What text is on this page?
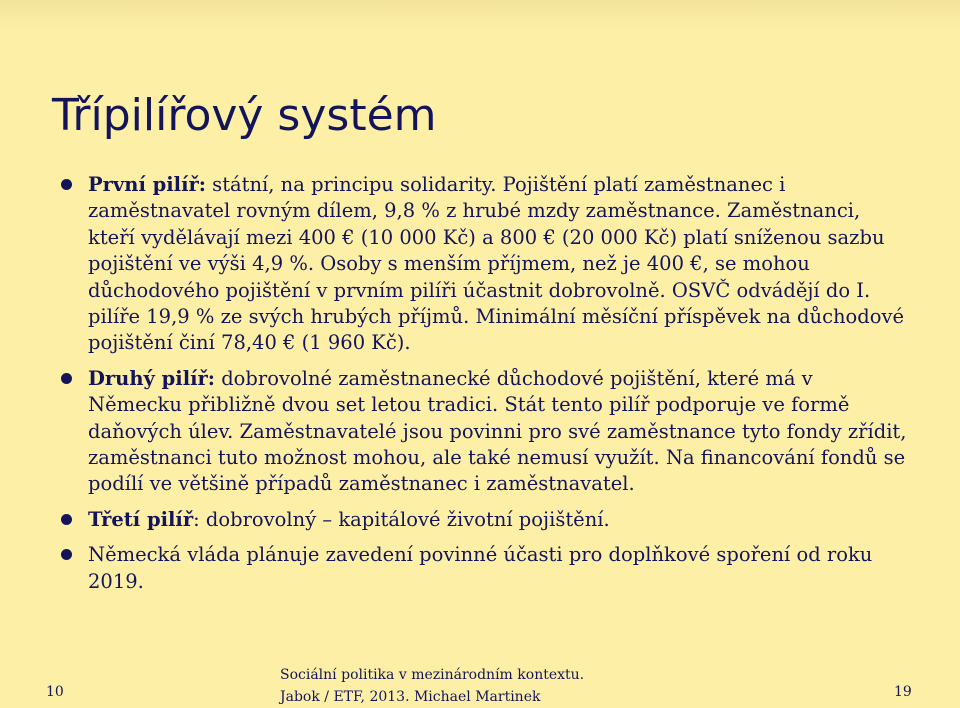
Třípilířový systém
První pilíř: státní, na principu solidarity. Pojištění platí zaměstnanec i zaměstnavatel rovným dílem, 9,8 % z hrubé mzdy zaměstnance. Zaměstnanci, kteří vydělávají mezi 400 € (10 000 Kč) a 800 € (20 000 Kč) platí sníženou sazbu pojištění ve výši 4,9 %. Osoby s menším příjmem, než je 400 €, se mohou důchodového pojištění v prvním pilíři účastnit dobrovolně. OSVČ odvádějí do I. pilíře 19,9 % ze svých hrubých příjmů. Minimální měsíční příspěvek na důchodové pojištění činí 78,40 € (1 960 Kč).
Druhý pilíř: dobrovolné zaměstnanecké důchodové pojištění, které má v Německu přibližně dvou set letou tradici. Stát tento pilíř podporuje ve formě daňových úlev. Zaměstnavatelé jsou povinni pro své zaměstnance tyto fondy zřídit, zaměstnanci tuto možnost mohou, ale také nemusí využít. Na financování fondů se podílí ve většině případů zaměstnanec i zaměstnavatel.
Třetí pilíř: dobrovolný – kapitálové životní pojištění.
Německá vláda plánuje zavedení povinné účasti pro doplňkové spoření od roku 2019.
10
Sociální politika v mezinárodním kontextu.
Jabok / ETF, 2013. Michael Martinek	19
